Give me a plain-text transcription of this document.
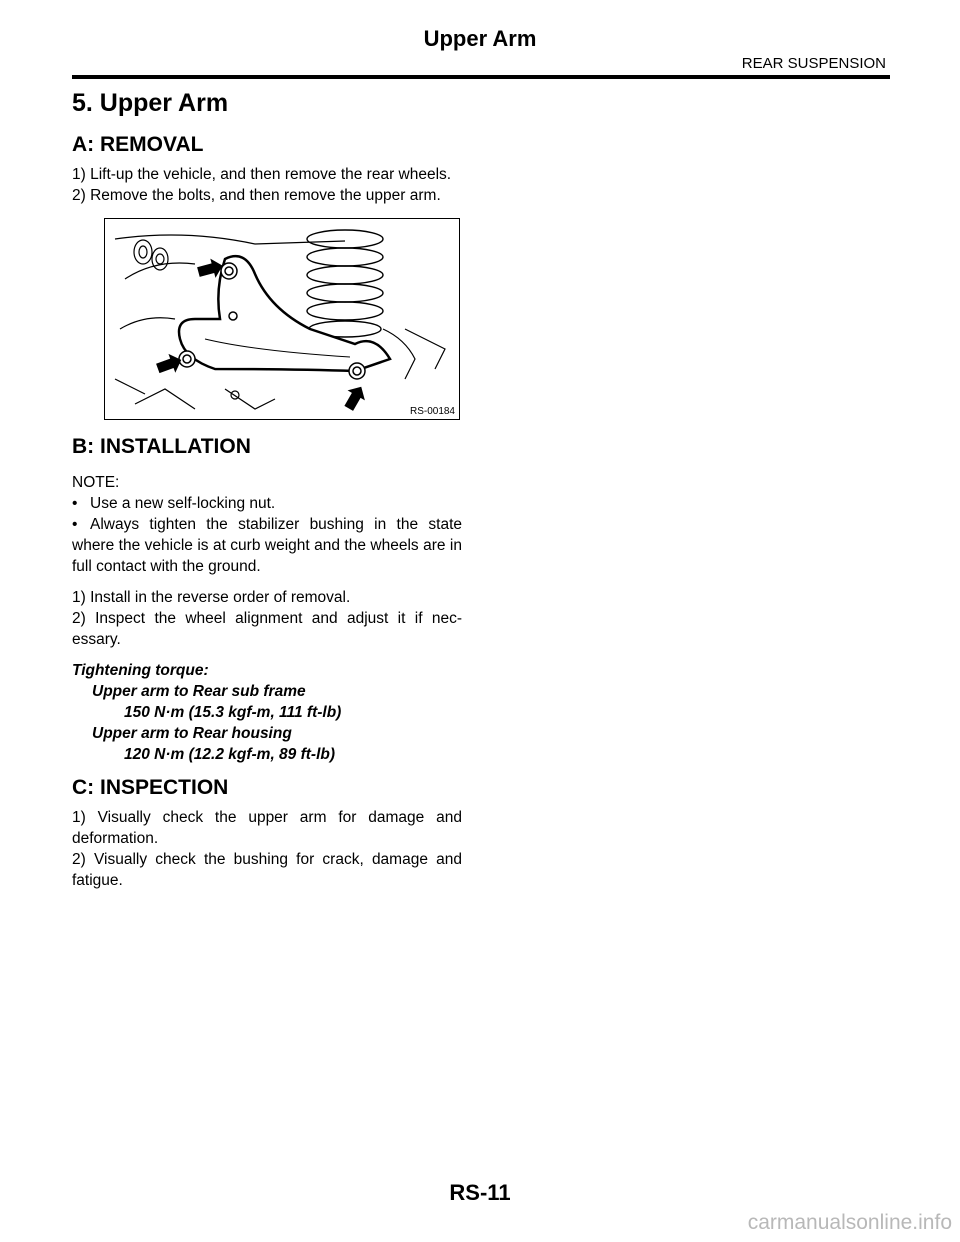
Upper Arm
REAR SUSPENSION
5. Upper Arm
A: REMOVAL

1) Lift-up the vehicle, and then remove the rear wheels.

2) Remove the bolts, and then remove the upper arm.

RS-00184
B: INSTALLATION

NOTE:

• Use a new self-locking nut.

• Always tighten the stabilizer bushing in the state where the vehicle is at curb weight and the wheels are in full contact with the ground.

1) Install in the reverse order of removal.

2) Inspect the wheel alignment and adjust it if nec-essary.

Tightening torque:
Upper arm to Rear sub frame
150 N·m (15.3 kgf-m, 111 ft-lb)
Upper arm to Rear housing
120 N·m (12.2 kgf-m, 89 ft-lb)
C: INSPECTION

1) Visually check the upper arm for damage and deformation.

2) Visually check the bushing for crack, damage and fatigue.

RS-11
carmanualsonline.info
